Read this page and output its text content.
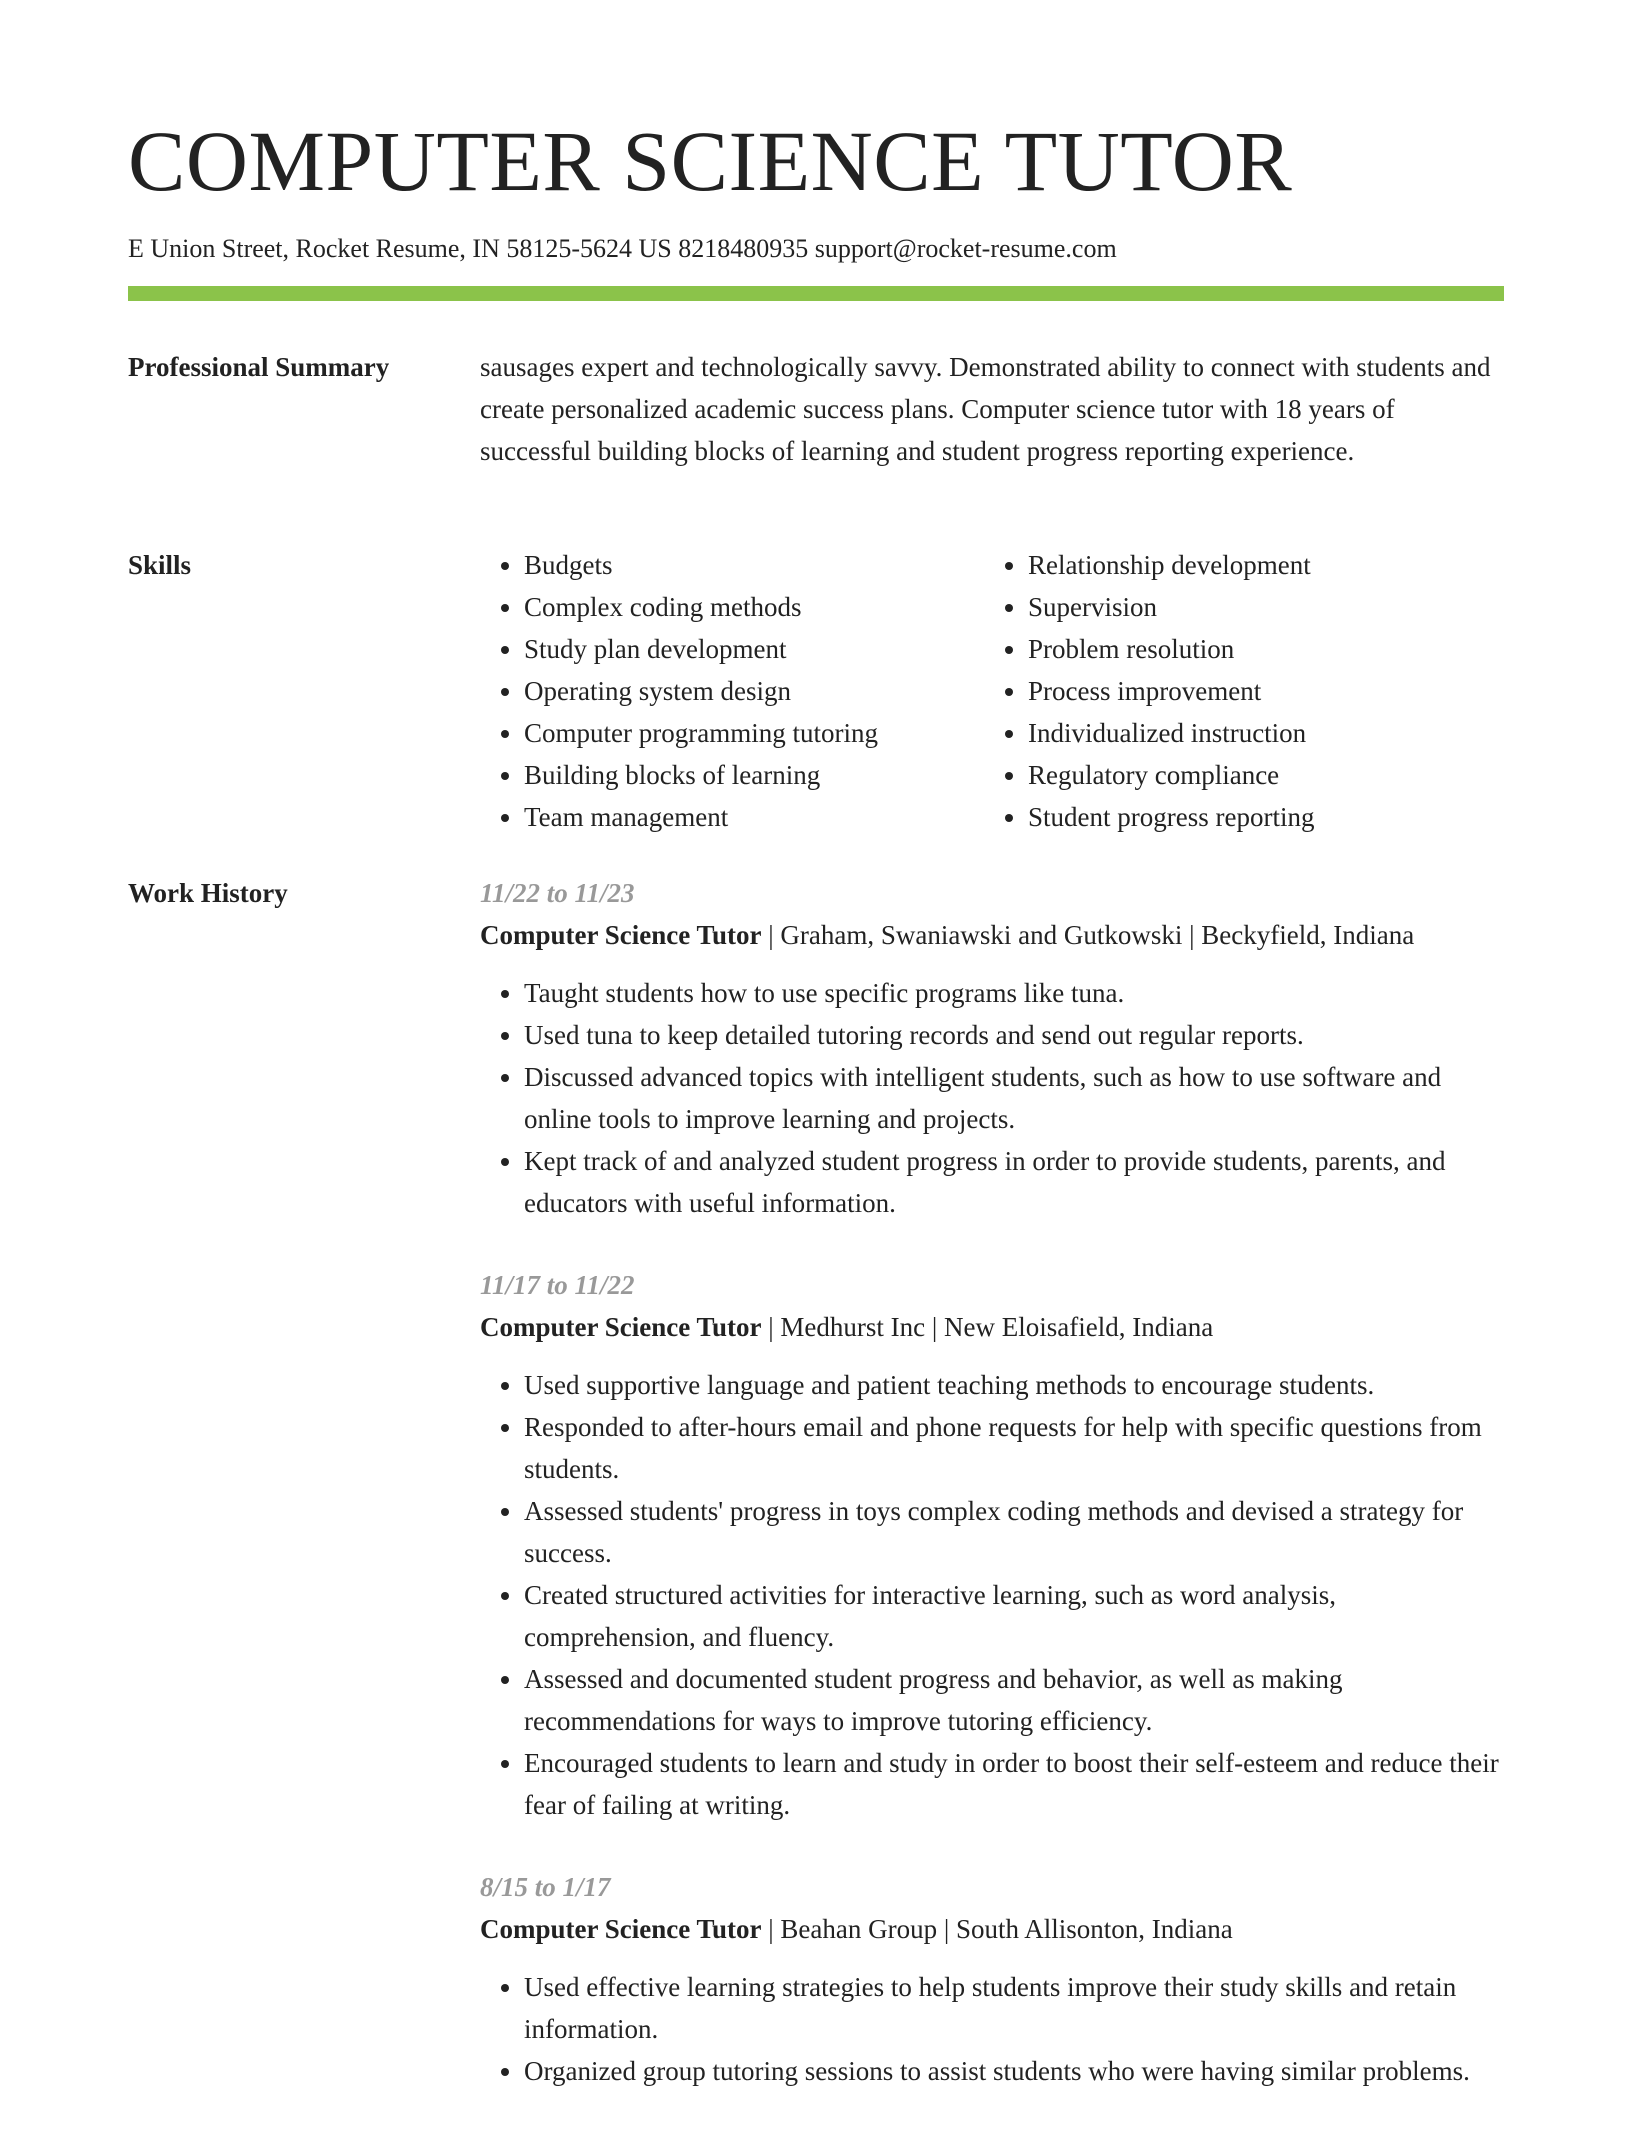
COMPUTER SCIENCE TUTOR
E Union Street, Rocket Resume, IN 58125-5624 US 8218480935 support@rocket-resume.com
Professional Summary	sausages expert and technologically savvy. Demonstrated ability to connect with students and create personalized academic success plans. Computer science tutor with 18 years of successful building blocks of learning and student progress reporting experience.

Skills
•	Budgets
• Complex coding methods
• Study plan development
• Operating system design
• Computer programming tutoring
• Building blocks of learning
• Team management
• Relationship development
• Supervision
• Problem resolution
• Process improvement
• Individualized instruction
• Regulatory compliance
• Student progress reporting
Work History	11/22 to 11/23
Computer Science Tutor | Graham, Swaniawski and Gutkowski | Beckyfield, Indiana
• Taught students how to use specific programs like tuna.
• Used tuna to keep detailed tutoring records and send out regular reports.
• Discussed advanced topics with intelligent students, such as how to use software and online tools to improve learning and projects.
• Kept track of and analyzed student progress in order to provide students, parents, and educators with useful information.
11/17 to 11/22
Computer Science Tutor | Medhurst Inc | New Eloisafield, Indiana
• Used supportive language and patient teaching methods to encourage students.
• Responded to after-hours email and phone requests for help with specific questions from students.
• Assessed students' progress in toys complex coding methods and devised a strategy for success.
• Created structured activities for interactive learning, such as word analysis, comprehension, and fluency.
• Assessed and documented student progress and behavior, as well as making recommendations for ways to improve tutoring efficiency.
• Encouraged students to learn and study in order to boost their self-esteem and reduce their fear of failing at writing.
8/15 to 1/17
Computer Science Tutor | Beahan Group | South Allisonton, Indiana
• Used effective learning strategies to help students improve their study skills and retain information.
• Organized group tutoring sessions to assist students who were having similar problems.
